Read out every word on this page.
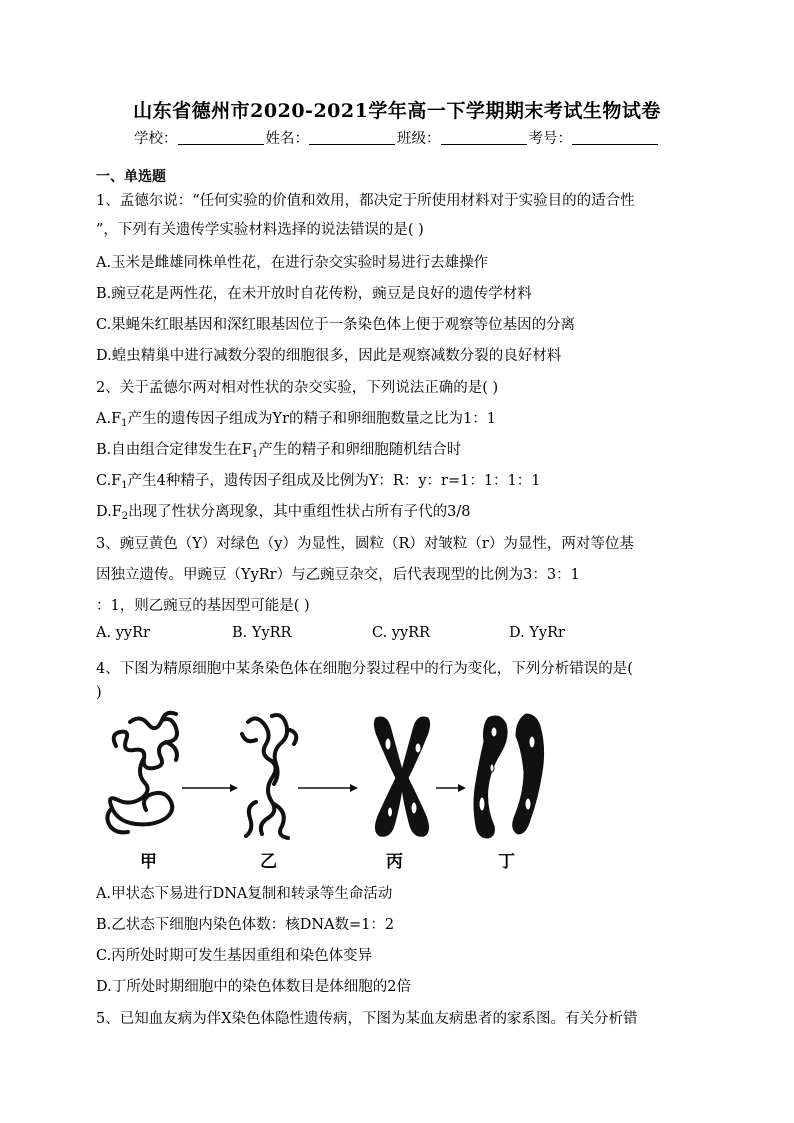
山东省德州市2020-2021学年高一下学期期末考试生物试卷
学校：	姓名：	班级：	考号：
一、单选题
1、孟德尔说：“任何实验的价值和效用，都决定于所使用材料对于实验目的的适合性
”，下列有关遗传学实验材料选择的说法错误的是( )
A.玉米是雌雄同株单性花，在进行杂交实验时易进行去雄操作
B.豌豆花是两性花，在未开放时自花传粉，豌豆是良好的遗传学材料
C.果蝇朱红眼基因和深红眼基因位于一条染色体上便于观察等位基因的分离
D.蝗虫精巢中进行减数分裂的细胞很多，因此是观察减数分裂的良好材料
2、关于孟德尔两对相对性状的杂交实验，下列说法正确的是( )
$A.F_1$产生的遗传因子组成为Yr的精子和卵细胞数量之比为1：1
B.自由组合定律发生在$F_1$产生的精子和卵细胞随机结合时
$C.F_1$产生4种精子，遗传因子组成及比例为Y：R：y：r=1：1：1：1
$D.F_2$出现了性状分离现象，其中重组性状占所有子代的3/8
3、豌豆黄色（Y）对绿色（y）为显性，圆粒（R）对皱粒（r）为显性，两对等位基
因独立遗传。甲豌豆（YyRr）与乙豌豆杂交，后代表现型的比例为3：3：1
：1，则乙豌豆的基因型可能是( )
A. yyRr	B. YyRR	C. yyRR	D. YyRr
4、下图为精原细胞中某条染色体在细胞分裂过程中的行为变化，下列分析错误的是(
)
甲	乙	丙	丁
A.甲状态下易进行DNA复制和转录等生命活动
B.乙状态下细胞内染色体数：核DNA数=1：2
C.丙所处时期可发生基因重组和染色体变异
D.丁所处时期细胞中的染色体数目是体细胞的2倍
5、已知血友病为伴X染色体隐性遗传病，下图为某血友病患者的家系图。有关分析错
